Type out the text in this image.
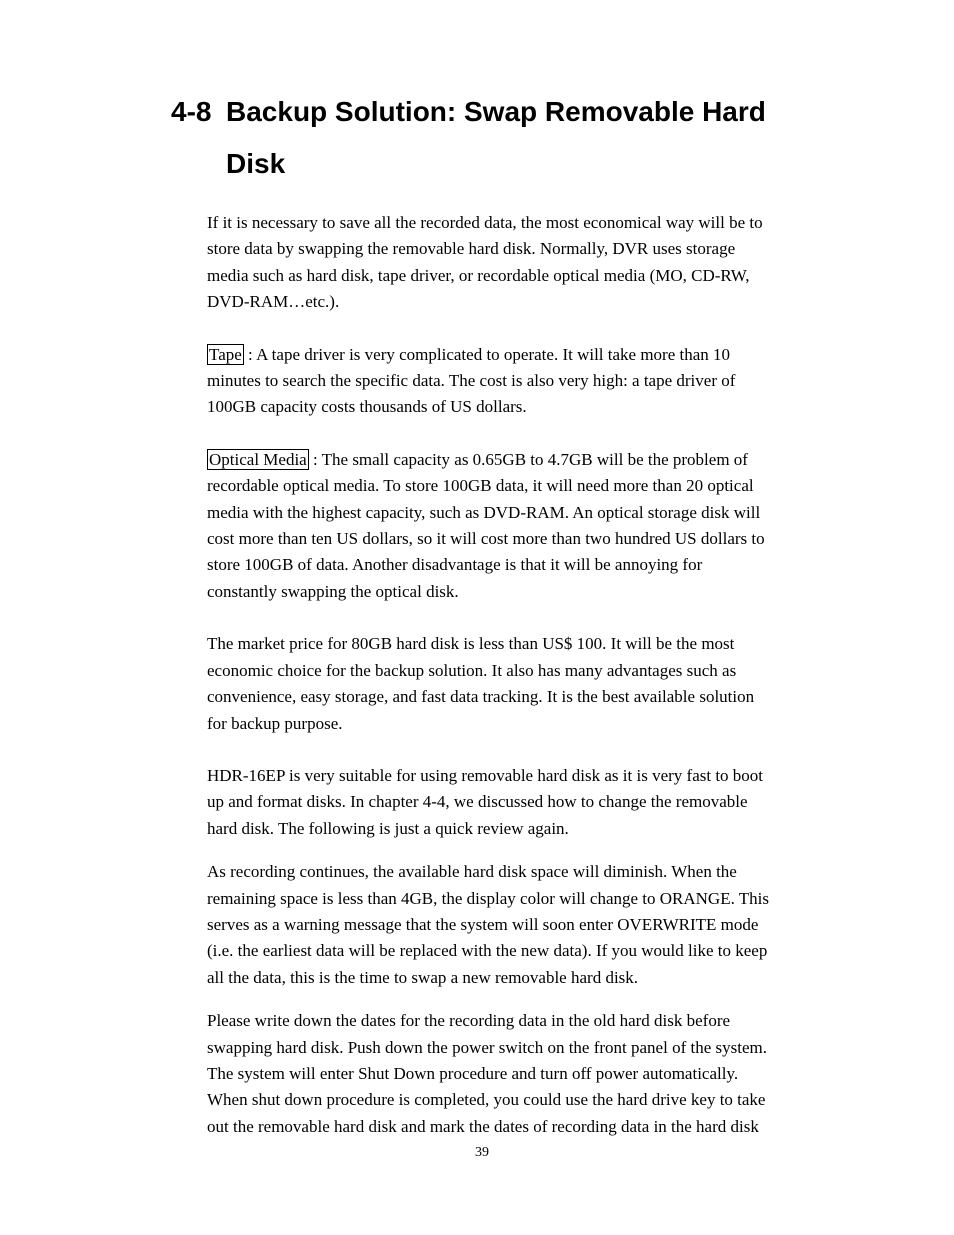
4-8 Backup Solution: Swap Removable Hard Disk

If it is necessary to save all the recorded data, the most economical way will be to
store data by swapping the removable hard disk. Normally, DVR uses storage
media such as hard disk, tape driver, or recordable optical media (MO, CD-RW,
DVD-RAM…etc.).

Tape : A tape driver is very complicated to operate. It will take more than 10
minutes to search the specific data. The cost is also very high: a tape driver of
100GB capacity costs thousands of US dollars.

Optical Media : The small capacity as 0.65GB to 4.7GB will be the problem of
recordable optical media. To store 100GB data, it will need more than 20 optical
media with the highest capacity, such as DVD-RAM. An optical storage disk will
cost more than ten US dollars, so it will cost more than two hundred US dollars to
store 100GB of data. Another disadvantage is that it will be annoying for
constantly swapping the optical disk.

The market price for 80GB hard disk is less than US$ 100. It will be the most
economic choice for the backup solution. It also has many advantages such as
convenience, easy storage, and fast data tracking. It is the best available solution
for backup purpose.

HDR-16EP is very suitable for using removable hard disk as it is very fast to boot
up and format disks. In chapter 4-4, we discussed how to change the removable
hard disk. The following is just a quick review again.

As recording continues, the available hard disk space will diminish. When the
remaining space is less than 4GB, the display color will change to ORANGE. This
serves as a warning message that the system will soon enter OVERWRITE mode
(i.e. the earliest data will be replaced with the new data). If you would like to keep
all the data, this is the time to swap a new removable hard disk.

Please write down the dates for the recording data in the old hard disk before
swapping hard disk. Push down the power switch on the front panel of the system.
The system will enter Shut Down procedure and turn off power automatically.
When shut down procedure is completed, you could use the hard drive key to take
out the removable hard disk and mark the dates of recording data in the hard disk

39
